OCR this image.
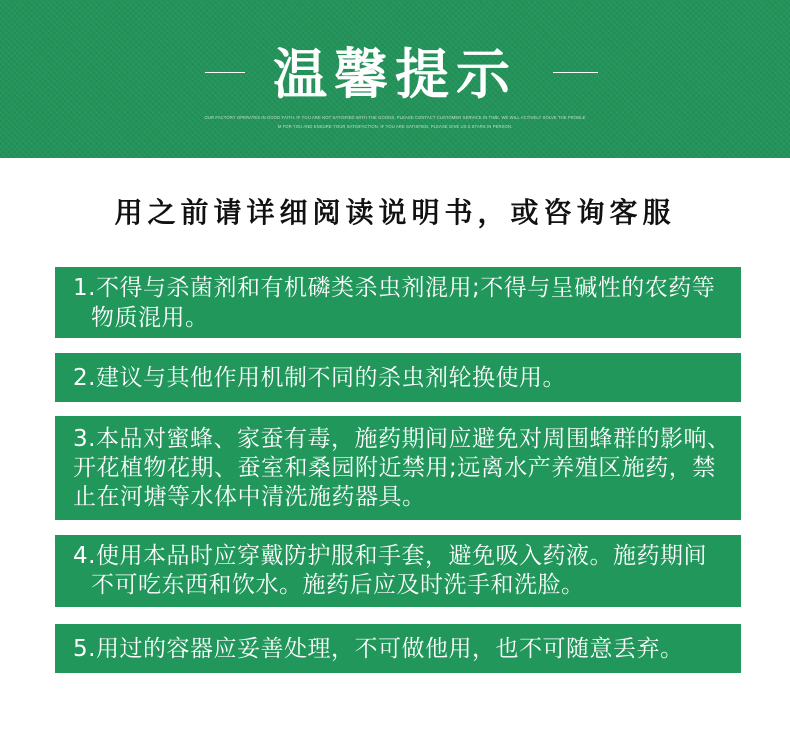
温馨提示
OUR FACTORY OPERATES IN GOOD FAITH. IF YOU ARE NOT SATISFIED WITH THE GOODS, PLEASE CONTACT CUSTOMER SERVICE IN TIME. WE WILL ACTIVELY SOLVE THE PROBLE
M FOR YOU AND ENSURE YOUR SATISFACTION. IF YOU ARE SATISFIED, PLEASE GIVE US 5 STARS IN PERSON.
用之前请详细阅读说明书，或咨询客服
1.不得与杀菌剂和有机磷类杀虫剂混用;不得与呈碱性的农药等
物质混用。
2.建议与其他作用机制不同的杀虫剂轮换使用。
3.本品对蜜蜂、家蚕有毒，施药期间应避免对周围蜂群的影响、
开花植物花期、蚕室和桑园附近禁用;远离水产养殖区施药，禁
止在河塘等水体中清洗施药器具。
4.使用本品时应穿戴防护服和手套，避免吸入药液。施药期间
不可吃东西和饮水。施药后应及时洗手和洗脸。
5.用过的容器应妥善处理，不可做他用，也不可随意丢弃。
